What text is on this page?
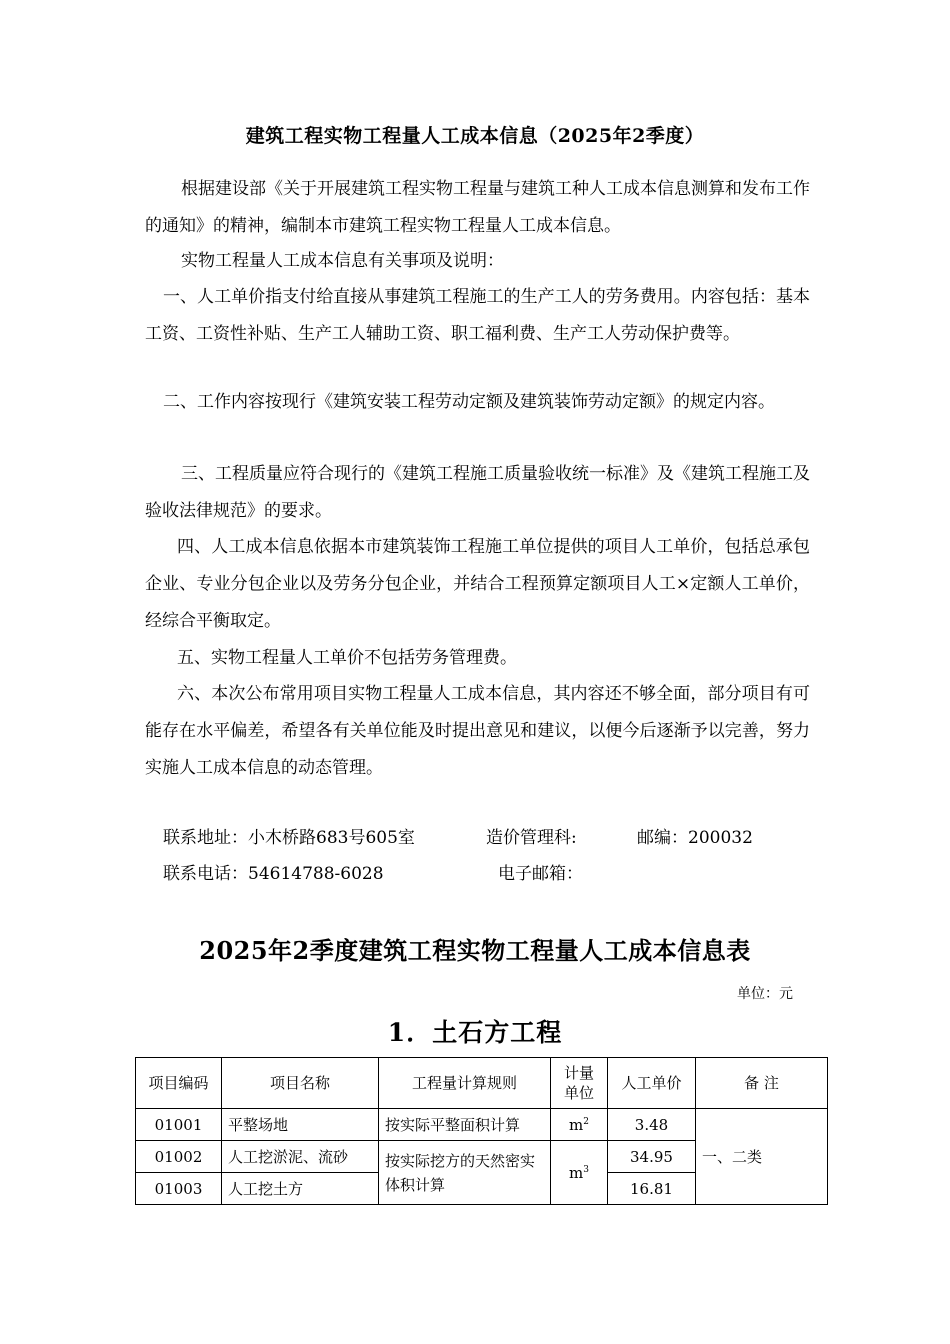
建筑工程实物工程量人工成本信息（2025年2季度）

根据建设部《关于开展建筑工程实物工程量与建筑工种人工成本信息测算和发布工作的通知》的精神，编制本市建筑工程实物工程量人工成本信息。

实物工程量人工成本信息有关事项及说明：

一、人工单价指支付给直接从事建筑工程施工的生产工人的劳务费用。内容包括：基本工资、工资性补贴、生产工人辅助工资、职工福利费、生产工人劳动保护费等。

二、工作内容按现行《建筑安装工程劳动定额及建筑装饰劳动定额》的规定内容。

三、工程质量应符合现行的《建筑工程施工质量验收统一标准》及《建筑工程施工及验收法律规范》的要求。

四、人工成本信息依据本市建筑装饰工程施工单位提供的项目人工单价，包括总承包企业、专业分包企业以及劳务分包企业，并结合工程预算定额项目人工×定额人工单价，经综合平衡取定。

五、实物工程量人工单价不包括劳务管理费。

六、本次公布常用项目实物工程量人工成本信息，其内容还不够全面，部分项目有可能存在水平偏差，希望各有关单位能及时提出意见和建议，以便今后逐渐予以完善，努力实施人工成本信息的动态管理。

联系地址：小木桥路683号605室	造价管理科:	邮编：200032
联系电话：54614788-6028	电子邮箱：
2025年2季度建筑工程实物工程量人工成本信息表
单位：元
1．土石方工程
项目编码	项目名称	工程量计算规则	计量单位	人工单价	备 注
01001	平整场地	按实际平整面积计算	$m^2$	3.48	一、二类
01002	人工挖淤泥、流砂	按实际挖方的天然密实体积计算	$m^3$	34.95	
01003	人工挖土方			16.81	
